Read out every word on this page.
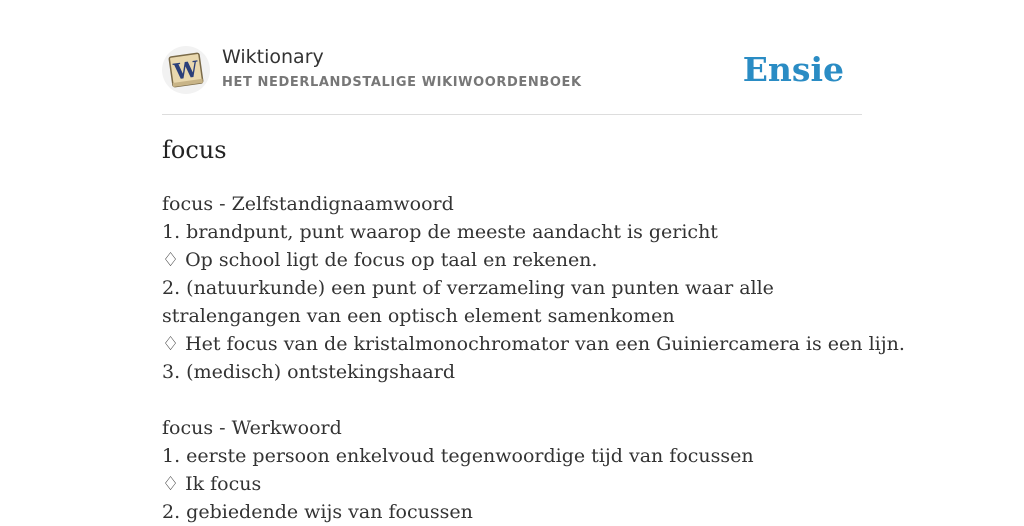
W Wiktionary
HET NEDERLANDSTALIGE WIKIWOORDENBOEK	Ensie
focus
focus - Zelfstandignaamwoord
1. brandpunt, punt waarop de meeste aandacht is gericht
♢ Op school ligt de focus op taal en rekenen.
2. (natuurkunde) een punt of verzameling van punten waar alle stralengangen van een optisch element samenkomen
♢ Het focus van de kristalmonochromator van een Guiniercamera is een lijn.
3. (medisch) ontstekingshaard
focus - Werkwoord
1. eerste persoon enkelvoud tegenwoordige tijd van focussen
♢ Ik focus
2. gebiedende wijs van focussen
